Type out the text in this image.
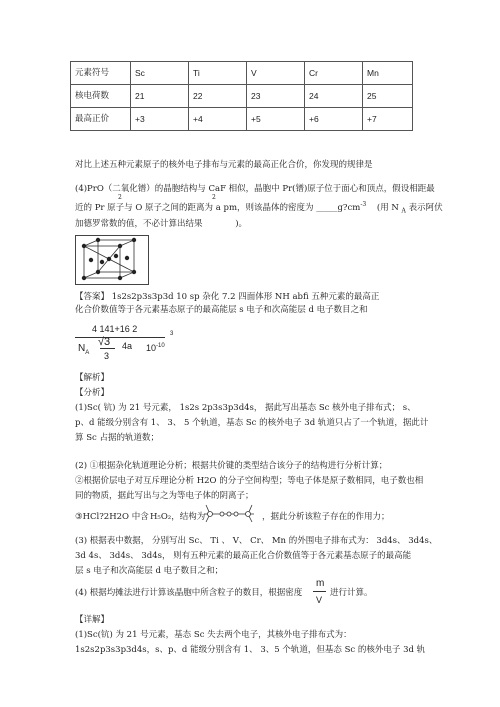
元素符号	Sc	Ti	V	Cr	Mn
核电荷数	21	22	23	24	25
最高正价	+3	+4	+5	+6	+7
对比上述五种元素原子的核外电子排布与元素的最高正化合价，你发现的规律是
(4)PrO（二氧化镨）的晶胞结构与 CaF 相似，晶胞中 Pr(镨)原子位于面心和顶点，假设相距最
2	2
近的 Pr 原子与 O 原子之间的距离为 a pm，则该晶体的密度为 $\_\_\_\_\_g?cm^{-3}$ (用 N $_A$ 表示阿伏
加德罗常数的值，不必计算出结果	)。
【答案】 1s2s2p3s3p3d 10 sp 杂化 7.2 四面体形 NH abfi 五种元素的最高正
化合价数值等于各元素基态原子的最高能层 s 电子和次高能层 d 电子数目之和
4 141+16 2
√3
3
$N_A$
4a $10^{-10}$
3
【解析】
【分析】
(1)Sc( 钪) 为 21 号元素， 1s2s 2p3s3p3d4s， 据此写出基态 Sc 核外电子排布式； s、
p、d 能级分别含有 1、 3、 5 个轨道，基态 Sc 的核外电子 3d 轨道只占了一个轨道，据此计
算 Sc 占据的轨道数；
(2) ①根据杂化轨道理论分析；根据共价键的类型结合该分子的结构进行分析计算；
②根据价层电子对互斥理论分析 H2O 的分子空间构型；等电子体是原子数相同，电子数也相
同的物质，据此写出与之为等电子体的阴离子；
③HCl?2H2O 中含 H₅O₂，结构为	，据此分析该粒子存在的作用力；
(3) 根据表中数据， 分别写出 Sc、 Ti 、 V、 Cr、 Mn 的外围电子排布式为： 3d4s、 3d4s、
3d 4s、 3d4s、 3d4s， 则有五种元素的最高正化合价数值等于各元素基态原子的最高能
层 s 电子和次高能层 d 电子数目之和；
(4) 根据均摊法进行计算该晶胞中所含粒子的数目，根据密度
m
V
进行计算。
【详解】
(1)Sc(钪) 为 21 号元素，基态 Sc 失去两个电子，其核外电子排布式为：
1s2s2p3s3p3d4s，s、p、d 能级分别含有 1、 3、5 个轨道，但基态 Sc 的核外电子 3d 轨
